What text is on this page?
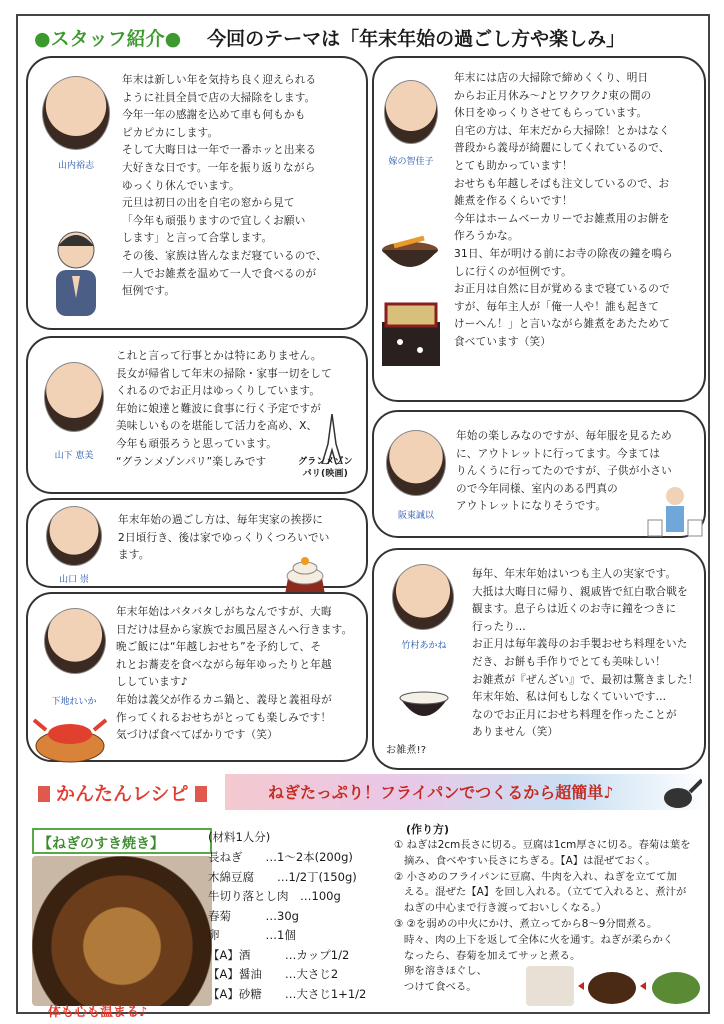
●スタッフ紹介● 今回のテーマは「年末年始の過ごし方や楽しみ」
山内裕志
年末は新しい年を気持ち良く迎えられる
ように社員全員で店の大掃除をします。
今年一年の感謝を込めて車も何もかも
ピカピカにします。
そして大晦日は一年で一番ホッと出来る
大好きな日です。一年を振り返りながら
ゆっくり休んでいます。
元旦は初日の出を自宅の窓から見て
「今年も頑張りますので宜しくお願い
します」と言って合掌します。
その後、家族は皆んなまだ寝ているので、
一人でお雑煮を温めて一人で食べるのが
恒例です。
山下 恵美
これと言って行事とかは特にありません。
長女が帰省して年末の掃除・家事一切をして
くれるのでお正月はゆっくりしています。
年始に娘達と難波に食事に行く予定ですが
美味しいものを堪能して活力を高め、X、
今年も頑張ろうと思っています。
“グランメゾンパリ”楽しみです	グランメゾン
パリ(映画)
山口 崇
年末年始の過ごし方は、毎年実家の挨拶に
2日頃行き、後は家でゆっくりくつろいでい
ます。
下地れいか
年末年始はバタバタしがちなんですが、大晦
日だけは昼から家族でお風呂屋さんへ行きます。
晩ご飯には“年越しおせち”を予約して、そ
れとお蕎麦を食べながら毎年ゆったりと年越
ししています♪
年始は義父が作るカニ鍋と、義母と義祖母が
作ってくれるおせちがとっても楽しみです！
気づけば食べてばかりです（笑）
嫁の智佳子
年末には店の大掃除で締めくくり、明日
からお正月休み～♪とワクワク♪束の間の
休日をゆっくりさせてもらっています。
自宅の方は、年末だから大掃除！とかはなく
普段から義母が綺麗にしてくれているので、
とても助かっています！
おせちも年越しそばも注文しているので、お
雑煮を作るくらいです！
今年はホームベーカリーでお雑煮用のお餅を
作ろうかな。
31日、年が明ける前にお寺の除夜の鐘を鳴ら
しに行くのが恒例です。
お正月は自然に目が覚めるまで寝ているので
すが、毎年主人が「俺一人や！誰も起きて
けーへん！」と言いながら雑煮をあたためて
食べています（笑）
阪東誠以
年始の楽しみなのですが、毎年服を見るため
に、アウトレットに行ってます。今まては
りんくうに行ってたのですが、子供が小さい
ので今年同様、室内のある門真の
アウトレットになりそうです。
竹村あかね
お雑煮!?
毎年、年末年始はいつも主人の実家です。
大抵は大晦日に帰り、親戚皆で紅白歌合戦を
観ます。息子らは近くのお寺に鐘をつきに
行ったり…
お正月は毎年義母のお手製おせち料理をいた
だき、お餅も手作りでとても美味しい！
お雑煮が『ぜんざい』で、最初は驚きました！
年末年始、私は何もしなくていいです…
なのでお正月におせち料理を作ったことが
ありません（笑）
かんたんレシピ	ねぎたっぷり！フライパンでつくるから超簡単♪
【ねぎのすき焼き】
体も心も温まる♪
(材料1人分)
長ねぎ　　…1～2本(200g)
木綿豆腐　　…1/2丁(150g)
牛切り落とし肉　…100g
春菊　　　…30g
卵　　　　…1個
【A】酒　　　…カップ1/2
【A】醤油　　…大さじ2
【A】砂糖　　…大さじ1+1/2
(作り方)
① ねぎは2cm長さに切る。豆腐は1cm厚さに切る。春菊は葉を
摘み、食べやすい長さにちぎる。【A】は混ぜておく。
② 小さめのフライパンに豆腐、牛肉を入れ、ねぎを立てて加
える。混ぜた【A】を回し入れる。（立てて入れると、煮汁が
ねぎの中心まで行き渡っておいしくなる。）
③ ②を弱めの中火にかけ、煮立ってから8～9分間煮る。
時々、肉の上下を返して全体に火を通す。ねぎが柔らかく
なったら、春菊を加えてサッと煮る。
卵を溶きほぐし、
つけて食べる。
